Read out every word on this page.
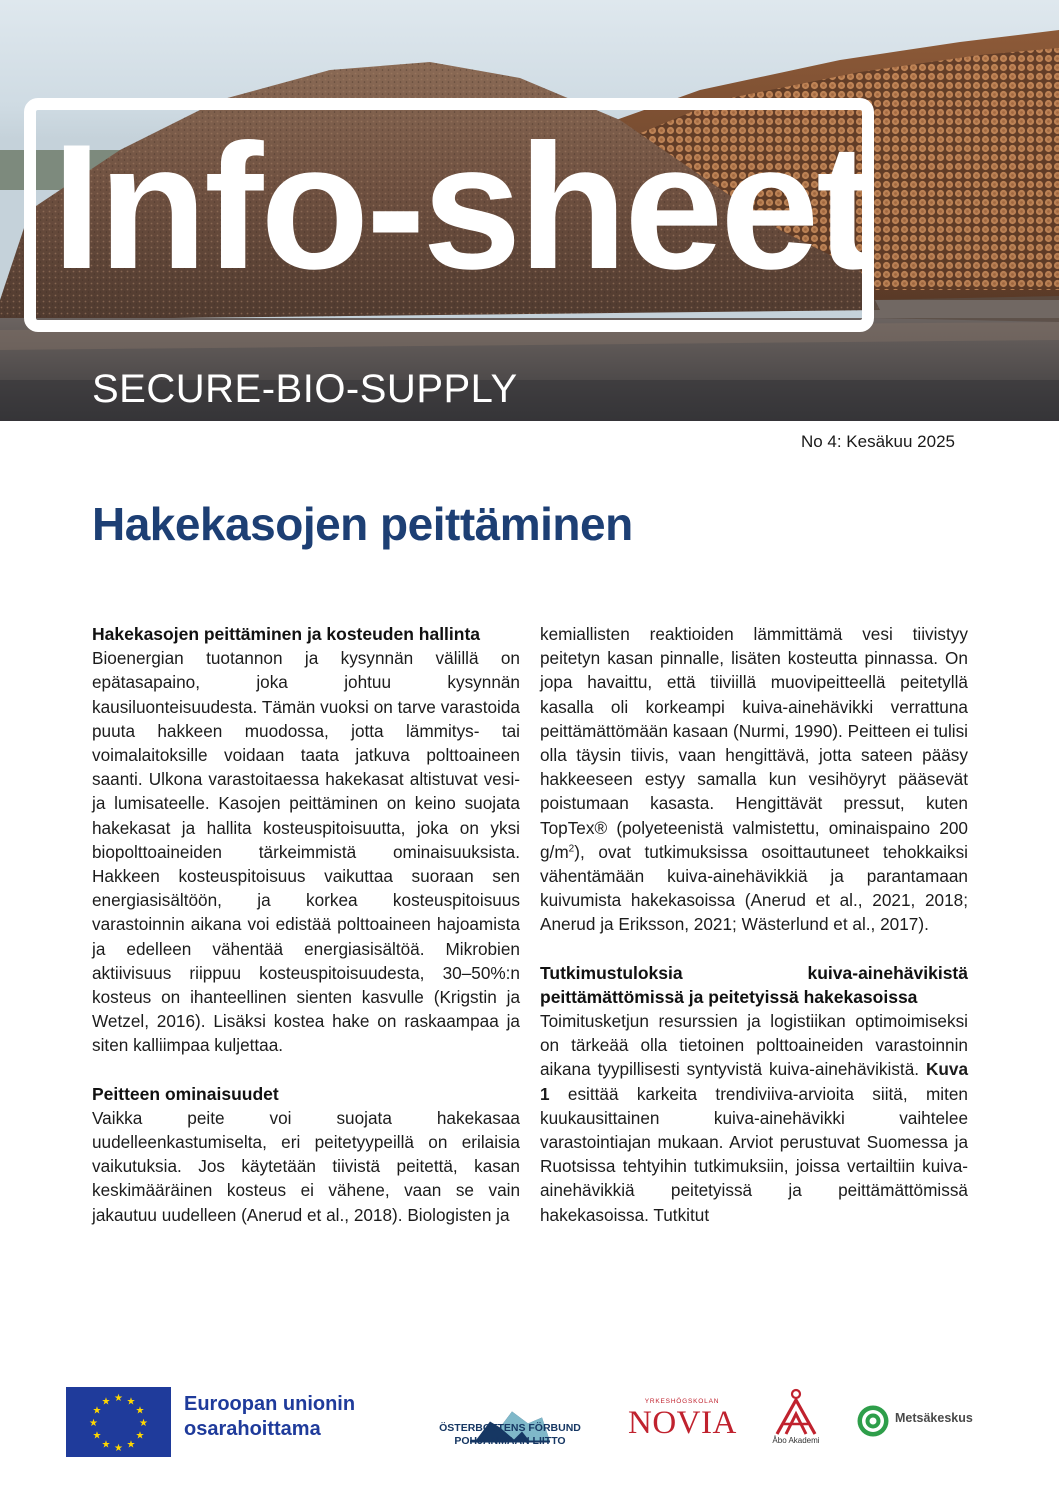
Info-sheet
SECURE-BIO-SUPPLY
No 4: Kesäkuu 2025
Hakekasojen peittäminen
Hakekasojen peittäminen ja kosteuden hallinta

Bioenergian tuotannon ja kysynnän välillä on epätasapaino, joka johtuu kysynnän kausiluonteisuudesta. Tämän vuoksi on tarve varastoida puuta hakkeen muodossa, jotta lämmitys- tai voimalaitoksille voidaan taata jatkuva polttoaineen saanti. Ulkona varastoitaessa hakekasat altistuvat vesi- ja lumisateelle. Kasojen peittäminen on keino suojata hakekasat ja hallita kosteuspitoisuutta, joka on yksi biopolttoaineiden tärkeimmistä ominaisuuksista. Hakkeen kosteuspitoisuus vaikuttaa suoraan sen energiasisältöön, ja korkea kosteuspitoisuus varastoinnin aikana voi edistää polttoaineen hajoamista ja edelleen vähentää energiasisältöä. Mikrobien aktiivisuus riippuu kosteuspitoisuudesta, 30–50%:n kosteus on ihanteellinen sienten kasvulle (Krigstin ja Wetzel, 2016). Lisäksi kostea hake on raskaampaa ja siten kalliimpaa kuljettaa.

Peitteen ominaisuudet

Vaikka peite voi suojata hakekasaa uudelleenkastumiselta, eri peitetyypeillä on erilaisia vaikutuksia. Jos käytetään tiivistä peitettä, kasan keskimääräinen kosteus ei vähene, vaan se vain jakautuu uudelleen (Anerud et al., 2018). Biologisten ja

kemiallisten reaktioiden lämmittämä vesi tiivistyy peitetyn kasan pinnalle, lisäten kosteutta pinnassa. On jopa havaittu, että tiiviillä muovipeitteellä peitetyllä kasalla oli korkeampi kuiva-ainehävikki verrattuna peittämättömään kasaan (Nurmi, 1990). Peitteen ei tulisi olla täysin tiivis, vaan hengittävä, jotta sateen pääsy hakkeeseen estyy samalla kun vesihöyryt pääsevät poistumaan kasasta. Hengittävät pressut, kuten TopTex® (polyeteenistä valmistettu, ominaispaino 200 $g/m^2$), ovat tutkimuksissa osoittautuneet tehokkaiksi vähentämään kuiva-ainehävikkiä ja parantamaan kuivumista hakekasoissa (Anerud et al., 2021, 2018; Anerud ja Eriksson, 2021; Wästerlund et al., 2017).

Tutkimustuloksia kuiva-ainehävikistä peittämättömissä ja peitetyissä hakekasoissa

Toimitusketjun resurssien ja logistiikan optimoimiseksi on tärkeää olla tietoinen polttoaineiden varastoinnin aikana tyypillisesti syntyvistä kuiva-ainehävikistä. Kuva 1 esittää karkeita trendiviiva-arvioita siitä, miten kuukausittainen kuiva-ainehävikki vaihtelee varastointiajan mukaan. Arviot perustuvat Suomessa ja Ruotsissa tehtyihin tutkimuksiin, joissa vertailtiin kuiva-ainehävikkiä peitetyissä ja peittämättömissä hakekasoissa. Tutkitut

★ ★
★
★
★
★
★
★
★
★
★
★	Euroopan unionin
osarahoittama	ÖSTERBOTTENS FÖRBUND
POHJANMAAN LIITTO
YRKESHÖGSKOLAN
NOVIA	Åbo Akademi
Metsäkeskus
